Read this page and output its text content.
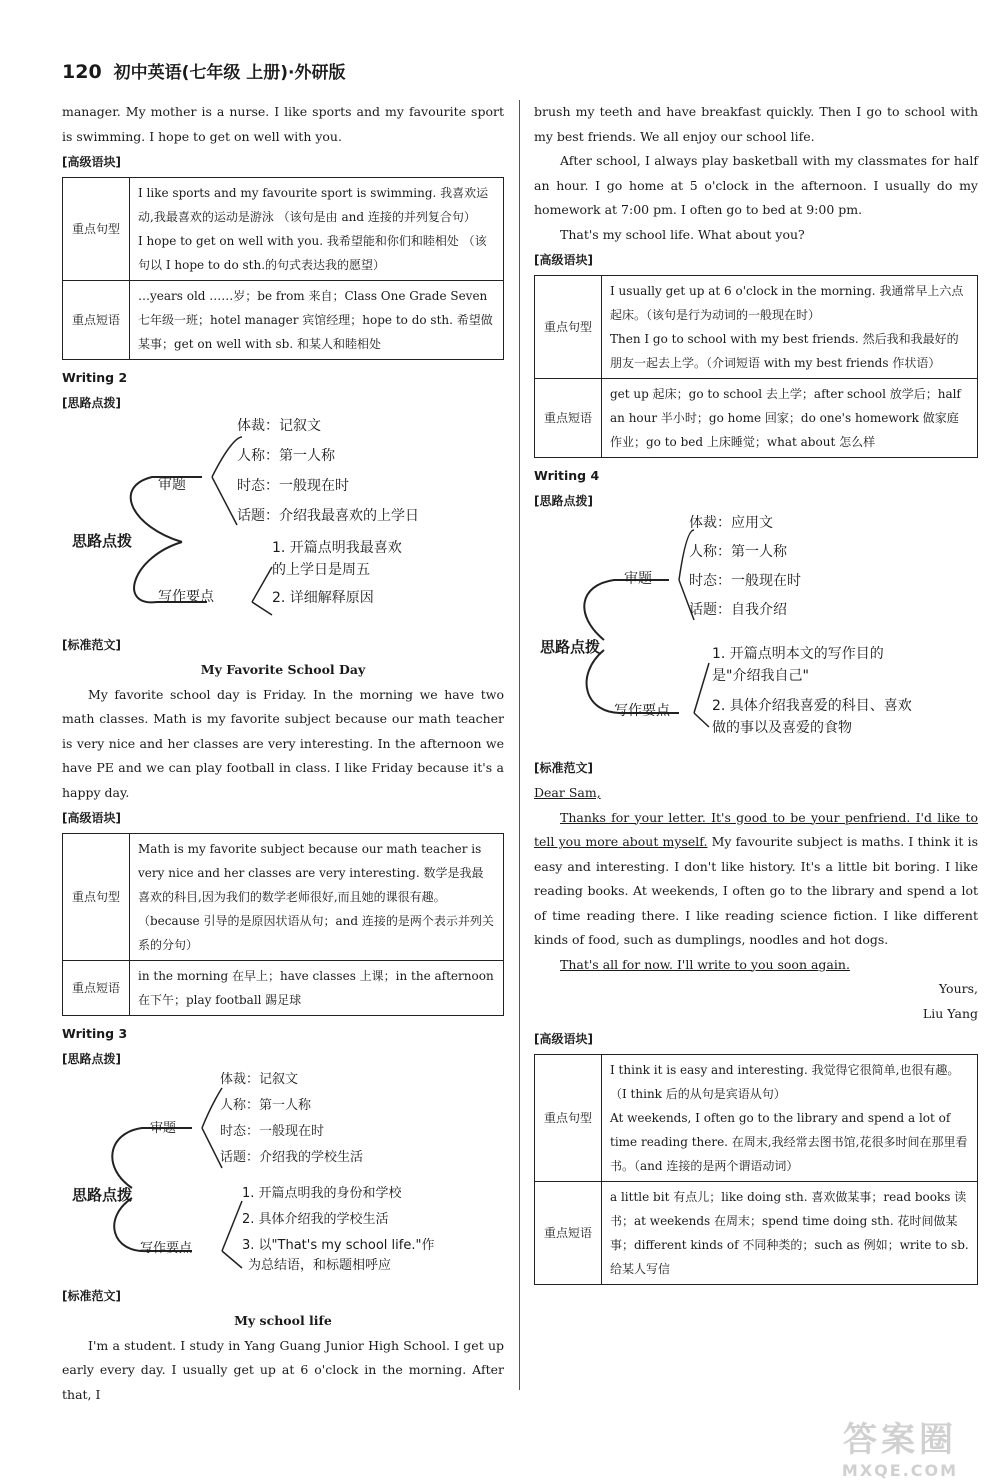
120 初中英语(七年级 上册)·外研版

manager. My mother is a nurse. I like sports and my favourite sport is swimming. I hope to get on well with you.

[高级语块]
重点句型	I like sports and my favourite sport is swimming. 我喜欢运动,我最喜欢的运动是游泳 （该句是由 and 连接的并列复合句）
I hope to get on well with you. 我希望能和你们和睦相处 （该句以 I hope to do sth.的句式表达我的愿望）

重点短语	…years old ……岁；be from 来自；Class One Grade Seven 七年级一班；hotel manager 宾馆经理；hope to do sth. 希望做某事；get on well with sb. 和某人和睦相处
Writing 2
[思路点拨]
思路点拨
审题
写作要点
体裁：记叙文
人称：第一人称
时态：一般现在时
话题：介绍我最喜欢的上学日
1. 开篇点明我最喜欢
的上学日是周五
2. 详细解释原因
[标准范文]
My Favorite School Day

My favorite school day is Friday. In the morning we have two math classes. Math is my favorite subject because our math teacher is very nice and her classes are very interesting. In the afternoon we have PE and we can play football in class. I like Friday because it's a happy day.

[高级语块]
重点句型	Math is my favorite subject because our math teacher is very nice and her classes are very interesting. 数学是我最喜欢的科目,因为我们的数学老师很好,而且她的课很有趣。（because 引导的是原因状语从句；and 连接的是两个表示并列关系的分句）
重点短语	in the morning 在早上；have classes 上课；in the afternoon 在下午；play football 踢足球
Writing 3
[思路点拨]
思路点拨
审题
写作要点
体裁：记叙文
人称：第一人称
时态：一般现在时
话题：介绍我的学校生活
1. 开篇点明我的身份和学校
2. 具体介绍我的学校生活
3. 以"That's my school life."作
为总结语，和标题相呼应
[标准范文]
My school life

I'm a student. I study in Yang Guang Junior High School. I get up early every day. I usually get up at 6 o'clock in the morning. After that, I

brush my teeth and have breakfast quickly. Then I go to school with my best friends. We all enjoy our school life.

After school, I always play basketball with my classmates for half an hour. I go home at 5 o'clock in the afternoon. I usually do my homework at 7:00 pm. I often go to bed at 9:00 pm.

That's my school life. What about you?

[高级语块]
重点句型	I usually get up at 6 o'clock in the morning. 我通常早上六点起床。（该句是行为动词的一般现在时）
Then I go to school with my best friends. 然后我和我最好的朋友一起去上学。（介词短语 with my best friends 作状语）

重点短语	get up 起床；go to school 去上学；after school 放学后；half an hour 半小时；go home 回家；do one's homework 做家庭作业；go to bed 上床睡觉；what about 怎么样
Writing 4
[思路点拨]
思路点拨
审题
写作要点
体裁：应用文
人称：第一人称
时态：一般现在时
话题：自我介绍
1. 开篇点明本文的写作目的
是"介绍我自己"
2. 具体介绍我喜爱的科目、喜欢
做的事以及喜爱的食物
[标准范文]

Dear Sam,

Thanks for your letter. It's good to be your penfriend. I'd like to tell you more about myself. My favourite subject is maths. I think it is easy and interesting. I don't like history. It's a little bit boring. I like reading books. At weekends, I often go to the library and spend a lot of time reading there. I like reading science fiction. I like different kinds of food, such as dumplings, noodles and hot dogs.

That's all for now. I'll write to you soon again.

Yours,
Liu Yang
[高级语块]
重点句型	I think it is easy and interesting. 我觉得它很简单,也很有趣。（I think 后的从句是宾语从句）
At weekends, I often go to the library and spend a lot of time reading there. 在周末,我经常去图书馆,花很多时间在那里看书。（and 连接的是两个谓语动词）

重点短语	a little bit 有点儿；like doing sth. 喜欢做某事；read books 读书；at weekends 在周末；spend time doing sth. 花时间做某事；different kinds of 不同种类的；such as 例如；write to sb. 给某人写信
答案圈
MXQE.COM
